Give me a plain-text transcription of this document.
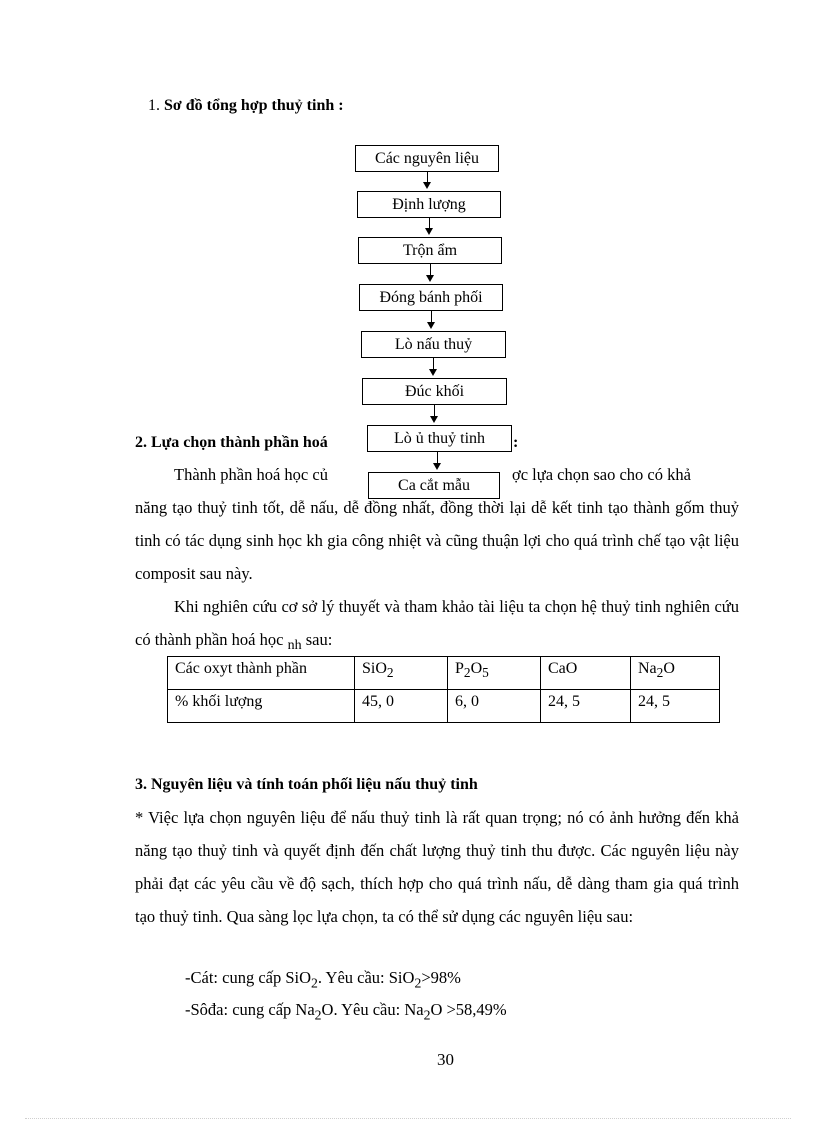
1. Sơ đồ tổng hợp thuỷ tinh :
Các nguyên liệu
Định lượng
Trộn ẩm
Đóng bánh phối
Lò nấu thuỷ
Đúc khối
Lò ủ thuỷ tinh
Ca cắt mẫu
2. Lựa chọn thành phần hoá	:
Thành phần hoá học củ	ợc lựa chọn sao cho có khả
năng tạo thuỷ tinh tốt, dễ nấu, dễ đồng nhất, đồng thời lại dễ kết tinh tạo thành gốm thuỷ tinh có tác dụng sinh học kh gia công nhiệt và cũng thuận lợi cho quá trình chế tạo vật liệu composit sau này.
Khi nghiên cứu cơ sở lý thuyết và tham khảo tài liệu ta chọn hệ thuỷ tinh nghiên cứu có thành phần hoá học $_{nh}$ sau:
Các oxyt thành phần	SiO$_2$	$P_2O_5$	CaO	$Na_2O$
% khối lượng	45, 0	6, 0	24, 5	24, 5
3. Nguyên liệu và tính toán phối liệu nấu thuỷ tinh
* Việc lựa chọn nguyên liệu để nấu thuỷ tinh là rất quan trọng; nó có ảnh hưởng đến khả năng tạo thuỷ tinh và quyết định đến chất lượng thuỷ tinh thu được. Các nguyên liệu này phải đạt các yêu cầu về độ sạch, thích hợp cho quá trình nấu, dễ dàng tham gia quá trình tạo thuỷ tinh. Qua sàng lọc lựa chọn, ta có thể sử dụng các nguyên liệu sau:
-Cát: cung cấp SiO$_2$. Yêu cầu: SiO$_2$>98%
-Sôđa: cung cấp $Na_2O$. Yêu cầu: $Na_2O >58,49\%$
30
